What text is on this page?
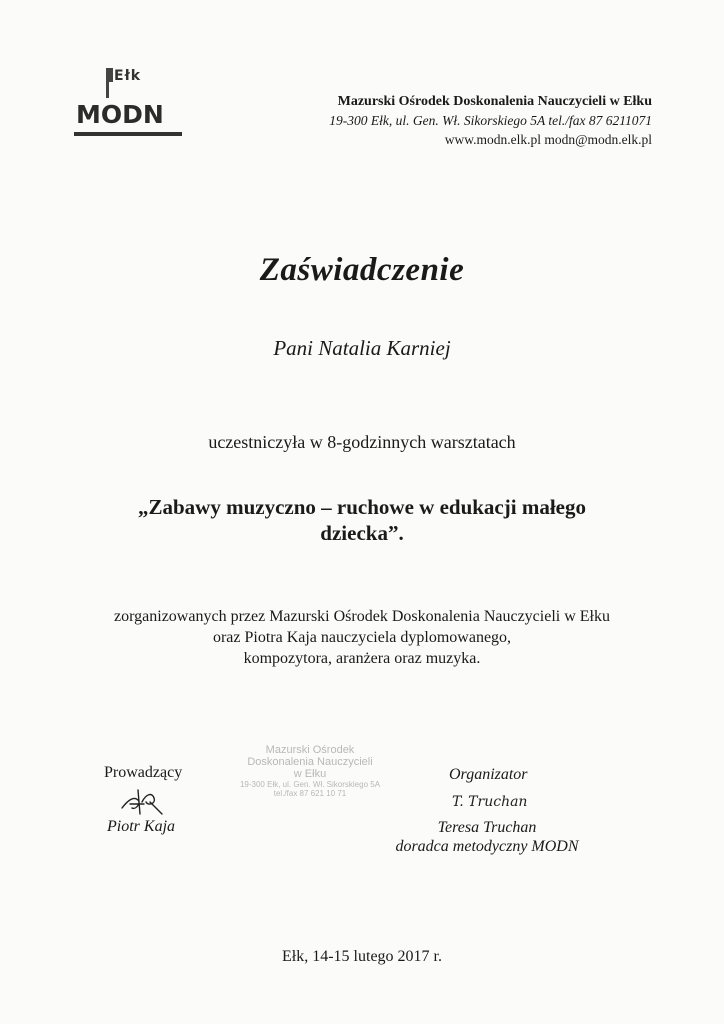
Ełk
MODN	Mazurski Ośrodek Doskonalenia Nauczycieli w Ełku
19-300 Ełk, ul. Gen. Wł. Sikorskiego 5A tel./fax 87 6211071
www.modn.elk.pl modn@modn.elk.pl
Zaświadczenie
Pani Natalia Karniej
uczestniczyła w 8-godzinnych warsztatach
„Zabawy muzyczno – ruchowe w edukacji małego
dziecka”.
zorganizowanych przez Mazurski Ośrodek Doskonalenia Nauczycieli w Ełku
oraz Piotra Kaja nauczyciela dyplomowanego,
kompozytora, aranżera oraz muzyka.
Mazurski Ośrodek
Doskonalenia Nauczycieli
w Ełku
19-300 Ełk, ul. Gen. Wł. Sikorskiego 5A
tel./fax 87 621 10 71
Prowadzący
Piotr Kaja
Organizator
T. Truchan
Teresa Truchan
doradca metodyczny MODN
Ełk, 14-15 lutego 2017 r.
